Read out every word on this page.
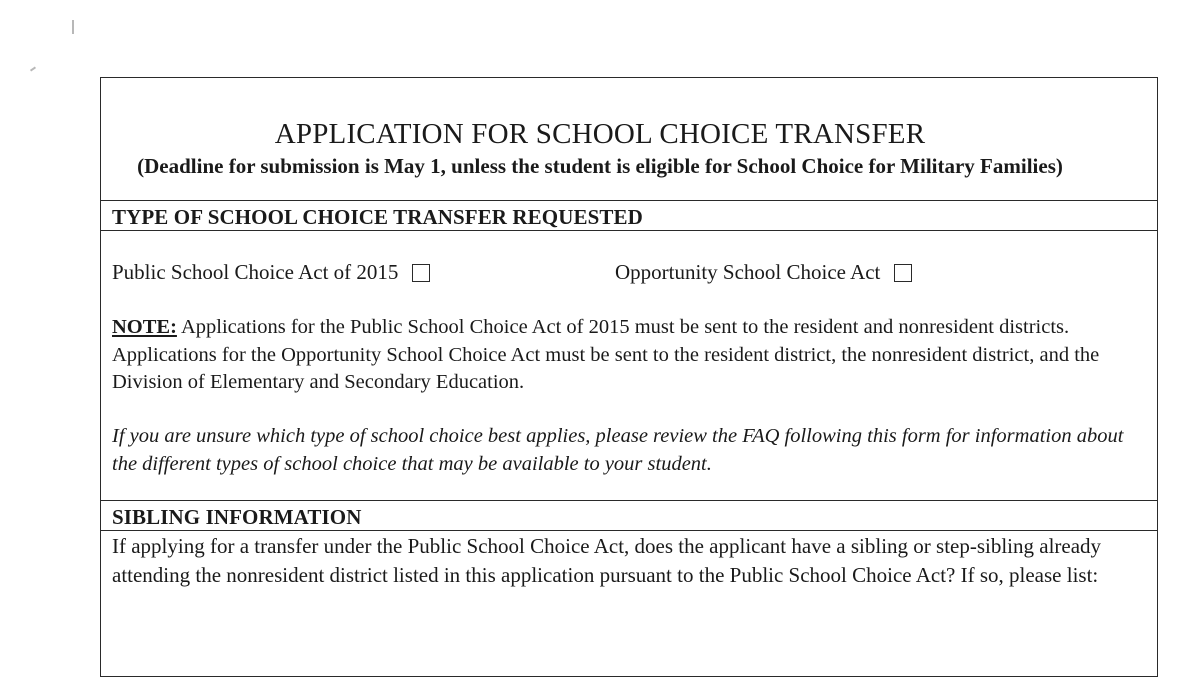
APPLICATION FOR SCHOOL CHOICE TRANSFER
(Deadline for submission is May 1, unless the student is eligible for School Choice for Military Families)
TYPE OF SCHOOL CHOICE TRANSFER REQUESTED
Public School Choice Act of 2015	Opportunity School Choice Act
NOTE: Applications for the Public School Choice Act of 2015 must be sent to the resident and nonresident districts. Applications for the Opportunity School Choice Act must be sent to the resident district, the nonresident district, and the Division of Elementary and Secondary Education.
If you are unsure which type of school choice best applies, please review the FAQ following this form for information about the different types of school choice that may be available to your student.
SIBLING INFORMATION
If applying for a transfer under the Public School Choice Act, does the applicant have a sibling or step-sibling already attending the nonresident district listed in this application pursuant to the Public School Choice Act? If so, please list:
